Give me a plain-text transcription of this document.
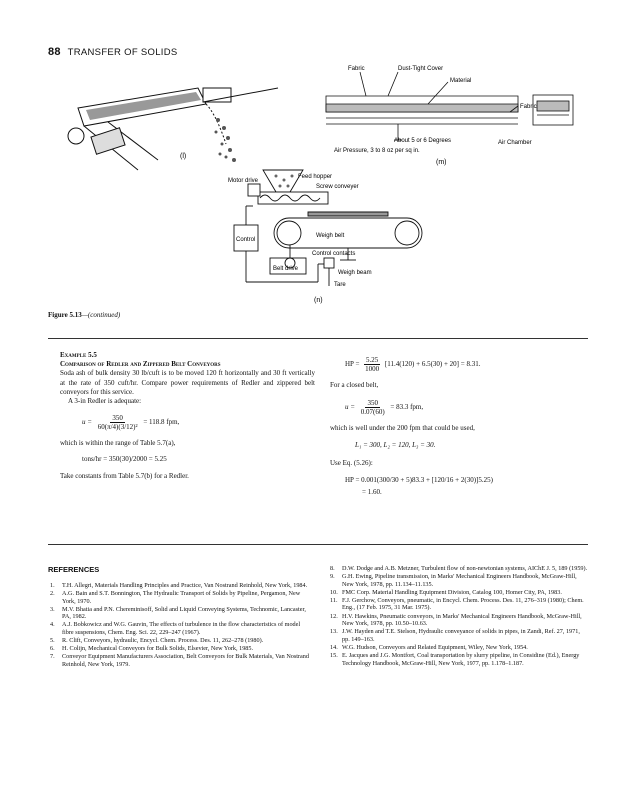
88 TRANSFER OF SOLIDS
(l)
Fabric	Dust-Tight Cover
Material
Fabric
About 5 or 6 Degrees
Air Pressure, 3 to 8 oz per sq in.
Air Chamber
(m)
Feed hopper
Screw conveyer
Motor drive
Control
Weigh belt
Control contacts
Belt drive
Weigh beam
Tare
(n)
Figure 5.13—(continued)
Example 5.5
Comparison of Redler and Zippered Belt Conveyors
Soda ash of bulk density 30 lb/cuft is to be moved 120 ft horizontally and 30 ft vertically at the rate of 350 cuft/hr. Compare power requirements of Redler and zippered belt conveyors for this service.
A 3-in Redler is adequate:
$u = \frac{350}{\text{60(π/4)(3/12)²}} = 118.8$ fpm,
which is within the range of Table 5.7(a),
tons/hr = 350(30)/2000 = 5.25
Take constants from Table 5.7(b) for a Redler.
HP = $\frac{5.25}{1000} [11.4(120) + 6.5(30) + 20] = 8.31$.
For a closed belt,
$u = \frac{350}{0.07(60)} = 83.3$ fpm,
which is well under the 200 fpm that could be used,
L₁ = 300, L₂ = 120, L₃ = 30.
Use Eq. (5.26):
HP = 0.001(300/30 + 5)83.3 + [120/16 + 2(30)]5.25)
= 1.60.
REFERENCES
1.	T.H. Allegri, Materials Handling Principles and Practice, Van Nostrand Reinhold, New York, 1984.
2.	A.G. Bain and S.T. Bonnington, The Hydraulic Transport of Solids by Pipeline, Pergamon, New York, 1970.
3.	M.V. Bhatia and P.N. Chereminisoff, Solid and Liquid Conveying Systems, Technomic, Lancaster, PA, 1982.
4.	A.J. Bobkowicz and W.G. Gauvin, The effects of turbulence in the flow characteristics of model fibre suspensions, Chem. Eng. Sci. 22, 229–247 (1967).
5.	R. Clift, Conveyors, hydraulic, Encycl. Chem. Process. Des. 11, 262–278 (1980).
6.	H. Colijn, Mechanical Conveyors for Bulk Solids, Elsevier, New York, 1985.
7.	Conveyor Equipment Manufacturers Association, Belt Conveyors for Bulk Materials, Van Nostrand Reinhold, New York, 1979.
8.	D.W. Dodge and A.B. Metzner, Turbulent flow of non-newtonian systems, AIChE J. 5, 189 (1959).
9.	G.H. Ewing, Pipeline transmission, in Marks' Mechanical Engineers Handbook, McGraw-Hill, New York, 1978, pp. 11.134–11.135.
10. FMC Corp. Material Handling Equipment Division, Catalog 100, Homer City, PA, 1983.
11. F.J. Gerchow, Conveyors, pneumatic, in Encycl. Chem. Process. Des. 11, 276–319 (1980); Chem. Eng., (17 Feb. 1975, 31 Mar. 1975).
12. H.V. Hawkins, Pneumatic conveyors, in Marks' Mechanical Engineers Handbook, McGraw-Hill, New York, 1978, pp. 10.50–10.63.
13. J.W. Hayden and T.E. Stelson, Hydraulic conveyance of solids in pipes, in Zandi, Ref. 27, 1971, pp. 149–163.
14. W.G. Hudson, Conveyors and Related Equipment, Wiley, New York, 1954.
15. E. Jacques and J.G. Montfort, Coal transportation by slurry pipeline, in Considine (Ed.), Energy Technology Handbook, McGraw-Hill, New York, 1977, pp. 1.178–1.187.
